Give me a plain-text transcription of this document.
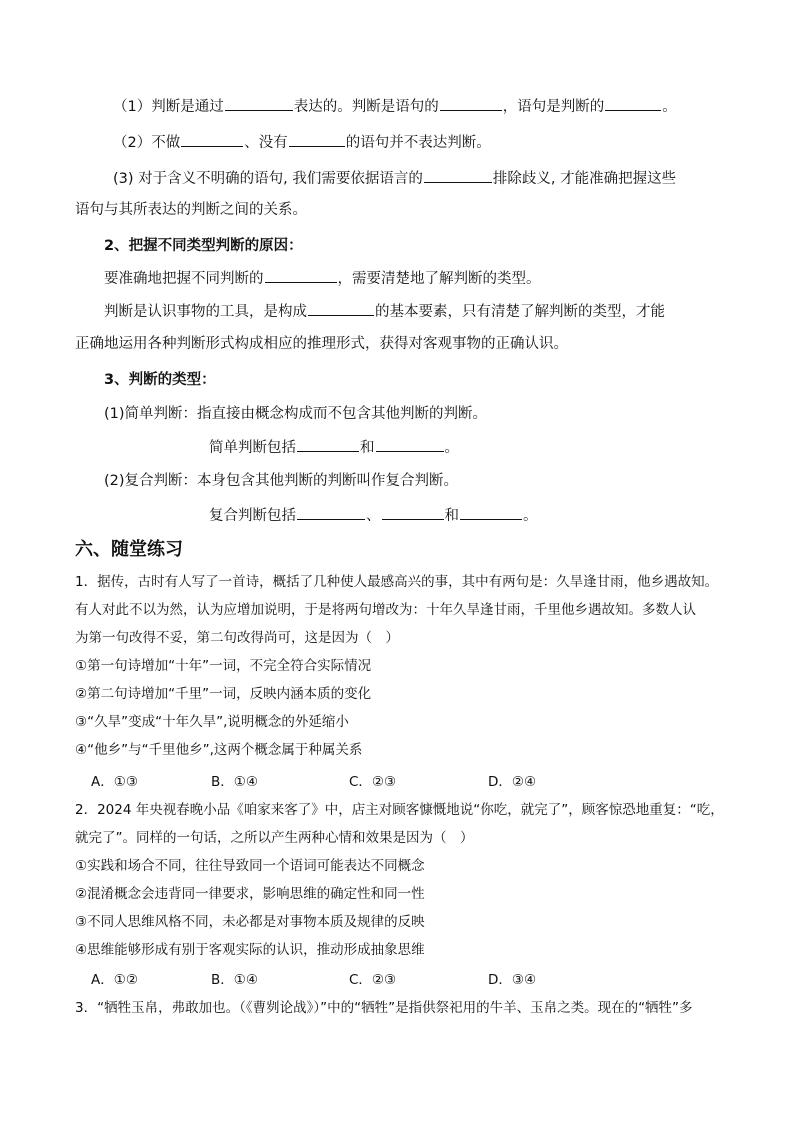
（1）判断是通过	表达的。判断是语句的	，语句是判断的	。
（2）不做	、没有	的语句并不表达判断。
(3) 对于含义不明确的语句, 我们需要依据语言的	排除歧义, 才能准确把握这些
语句与其所表达的判断之间的关系。
2、把握不同类型判断的原因：
要准确地把握不同判断的	，需要清楚地了解判断的类型。
判断是认识事物的工具，是构成	的基本要素，只有清楚了解判断的类型，才能
正确地运用各种判断形式构成相应的推理形式，获得对客观事物的正确认识。
3、判断的类型：
(1)简单判断：指直接由概念构成而不包含其他判断的判断。
简单判断包括	和	。
(2)复合判断：本身包含其他判断的判断叫作复合判断。
复合判断包括	、	和	。
六、随堂练习
1．据传，古时有人写了一首诗，概括了几种使人最感高兴的事，其中有两句是：久旱逢甘雨，他乡遇故知。
有人对此不以为然，认为应增加说明，于是将两句增改为：十年久旱逢甘雨，千里他乡遇故知。多数人认
为第一句改得不妥，第二句改得尚可，这是因为（　）
①第一句诗增加“十年”一词，不完全符合实际情况
②第二句诗增加“千里”一词，反映内涵本质的变化
③“久旱”变成“十年久旱”,说明概念的外延缩小
④“他乡”与“千里他乡”,这两个概念属于种属关系
A．①③	B．①④	C．②③	D．②④
2．2024 年央视春晚小品《咱家来客了》中，店主对顾客慷慨地说“你吃，就完了”，顾客惊恐地重复：“吃，
就完了”。同样的一句话，之所以产生两种心情和效果是因为（　）
①实践和场合不同，往往导致同一个语词可能表达不同概念
②混淆概念会违背同一律要求，影响思维的确定性和同一性
③不同人思维风格不同，未必都是对事物本质及规律的反映
④思维能够形成有别于客观实际的认识，推动形成抽象思维
A．①②	B．①④	C．②③	D．③④
3．“牺牲玉帛，弗敢加也。（《曹刿论战》）”中的“牺牲”是指供祭祀用的牛羊、玉帛之类。现在的“牺牲”多
